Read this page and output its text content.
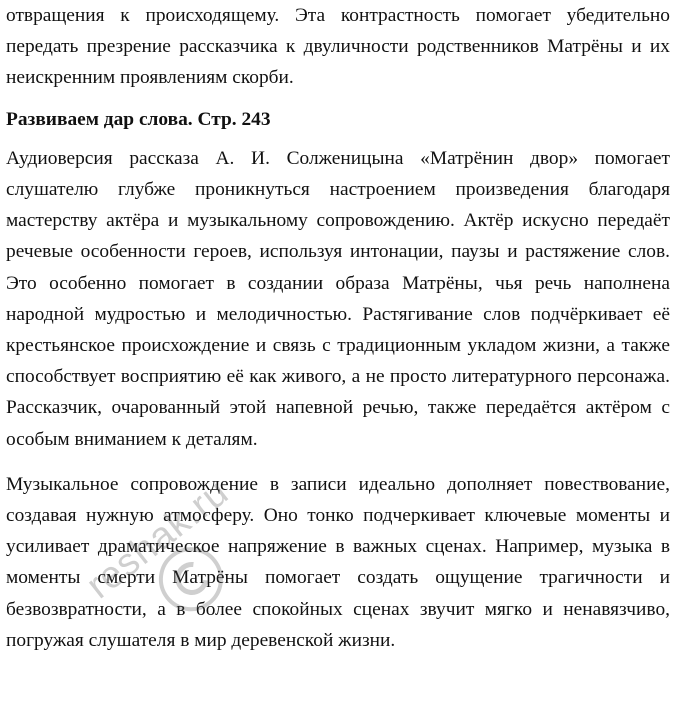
отвращения к происходящему. Эта контрастность помогает убедительно передать презрение рассказчика к двуличности родственников Матрёны и их неискренним проявлениям скорби.

Развиваем дар слова. Стр. 243

Аудиоверсия рассказа А. И. Солженицына «Матрёнин двор» помогает слушателю глубже проникнуться настроением произведения благодаря мастерству актёра и музыкальному сопровождению. Актёр искусно передаёт речевые особенности героев, используя интонации, паузы и растяжение слов. Это особенно помогает в создании образа Матрёны, чья речь наполнена народной мудростью и мелодичностью. Растягивание слов подчёркивает её крестьянское происхождение и связь с традиционным укладом жизни, а также способствует восприятию её как живого, а не просто литературного персонажа. Рассказчик, очарованный этой напевной речью, также передаётся актёром с особым вниманием к деталям.

Музыкальное сопровождение в записи идеально дополняет повествование, создавая нужную атмосферу. Оно тонко подчеркивает ключевые моменты и усиливает драматическое напряжение в важных сценах. Например, музыка в моменты смерти Матрёны помогает создать ощущение трагичности и безвозвратности, а в более спокойных сценах звучит мягко и ненавязчиво, погружая слушателя в мир деревенской жизни.

reshak.ru
